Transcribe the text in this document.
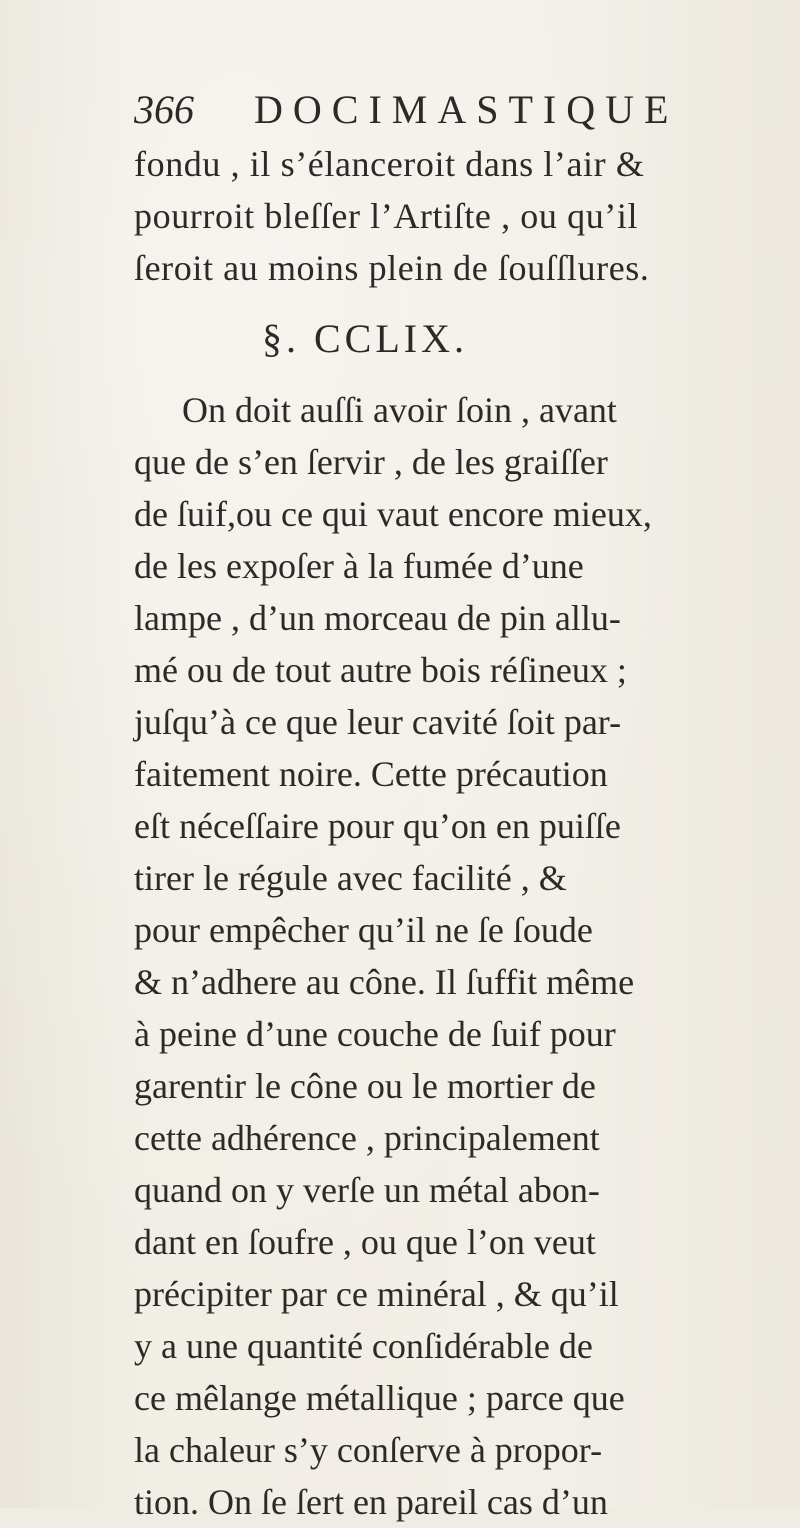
366	DOCIMASTIQUE
fondu , il s’élanceroit dans l’air &
pourroit bleſſer l’Artiſte , ou qu’il
ſeroit au moins plein de ſouſſlures.
§. CCLIX.
On doit auſſi avoir ſoin , avant
que de s’en ſervir , de les graiſſer
de ſuif,ou ce qui vaut encore mieux,
de les expoſer à la fumée d’une
lampe , d’un morceau de pin allu-
mé ou de tout autre bois réſineux ;
juſqu’à ce que leur cavité ſoit par-
faitement noire. Cette précaution
eſt néceſſaire pour qu’on en puiſſe
tirer le régule avec facilité , &
pour empêcher qu’il ne ſe ſoude
& n’adhere au cône. Il ſuffit même
à peine d’une couche de ſuif pour
garentir le cône ou le mortier de
cette adhérence , principalement
quand on y verſe un métal abon-
dant en ſoufre , ou que l’on veut
précipiter par ce minéral , & qu’il
y a une quantité conſidérable de
ce mêlange métallique ; parce que
la chaleur s’y conſerve à propor-
tion. On ſe ſert en pareil cas d’un
